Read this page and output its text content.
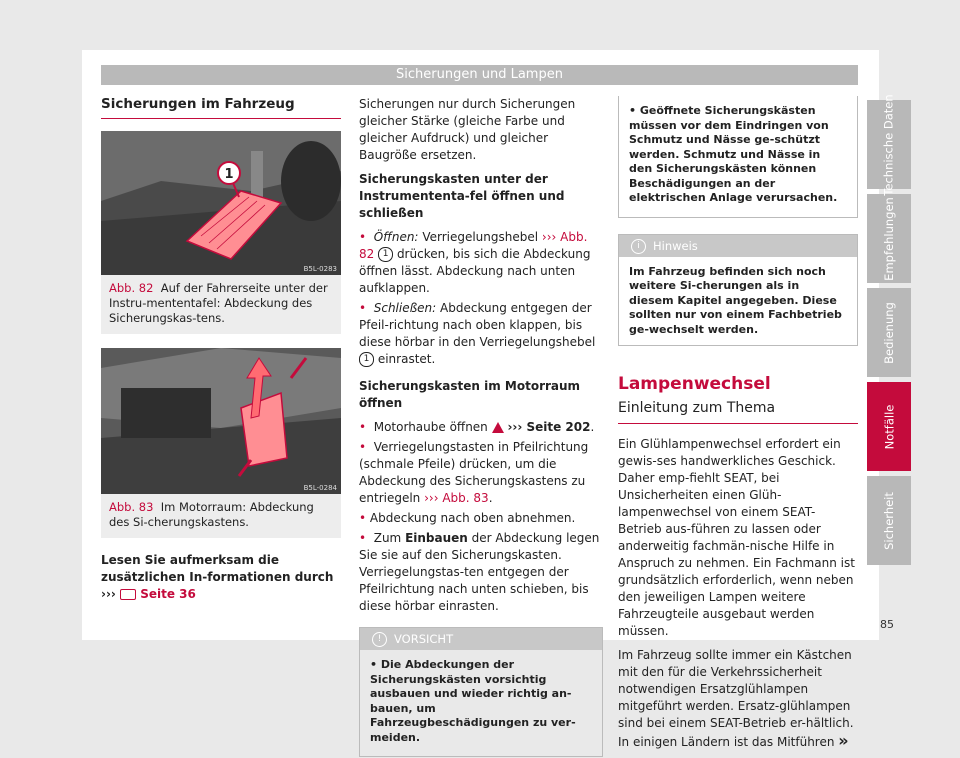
Sicherungen und Lampen
Sicherungen im Fahrzeug
1
B5L-0283
Abb. 82 Auf der Fahrerseite unter der Instru-mententafel: Abdeckung des Sicherungskas-tens.
B5L-0284
Abb. 83 Im Motorraum: Abdeckung des Si-cherungskastens.
Lesen Sie aufmerksam die zusätzlichen In-formationen durch ››› Seite 36

Sicherungen nur durch Sicherungen gleicher Stärke (gleiche Farbe und gleicher Aufdruck) und gleicher Baugröße ersetzen.

Sicherungskasten unter der Instrumententa-fel öffnen und schließen

• Öffnen: Verriegelungshebel ››› Abb. 82 1 drücken, bis sich die Abdeckung öffnen lässt. Abdeckung nach unten aufklappen.
• Schließen: Abdeckung entgegen der Pfeil-richtung nach oben klappen, bis diese hörbar in den Verriegelungshebel 1 einrastet.

Sicherungskasten im Motorraum öffnen

• Motorhaube öffnen ››› Seite 202.
• Verriegelungstasten in Pfeilrichtung (schmale Pfeile) drücken, um die Abdeckung des Sicherungskastens zu entriegeln ››› Abb. 83.
• Abdeckung nach oben abnehmen.
• Zum Einbauen der Abdeckung legen Sie sie auf den Sicherungskasten. Verriegelungstas-ten entgegen der Pfeilrichtung nach unten schieben, bis diese hörbar einrasten.
!	VORSICHT
• Die Abdeckungen der Sicherungskästen vorsichtig ausbauen und wieder richtig an-bauen, um Fahrzeugbeschädigungen zu ver-meiden.
• Geöffnete Sicherungskästen müssen vor dem Eindringen von Schmutz und Nässe ge-schützt werden. Schmutz und Nässe in den Sicherungskästen können Beschädigungen an der elektrischen Anlage verursachen.
i	Hinweis
Im Fahrzeug befinden sich noch weitere Si-cherungen als in diesem Kapitel angegeben. Diese sollten nur von einem Fachbetrieb ge-wechselt werden.
Lampenwechsel
Einleitung zum Thema

Ein Glühlampenwechsel erfordert ein gewis-ses handwerkliches Geschick. Daher emp-fiehlt SEAT, bei Unsicherheiten einen Glüh-lampenwechsel von einem SEAT-Betrieb aus-führen zu lassen oder anderweitig fachmän-nische Hilfe in Anspruch zu nehmen. Ein Fachmann ist grundsätzlich erforderlich, wenn neben den jeweiligen Lampen weitere Fahrzeugteile ausgebaut werden müssen.

Im Fahrzeug sollte immer ein Kästchen mit den für die Verkehrssicherheit notwendigen Ersatzglühlampen mitgeführt werden. Ersatz-glühlampen sind bei einem SEAT-Betrieb er-hältlich. In einigen Ländern ist das Mitführen »

Technische Daten
Empfehlungen
Bedienung
Notfälle
Sicherheit
85
